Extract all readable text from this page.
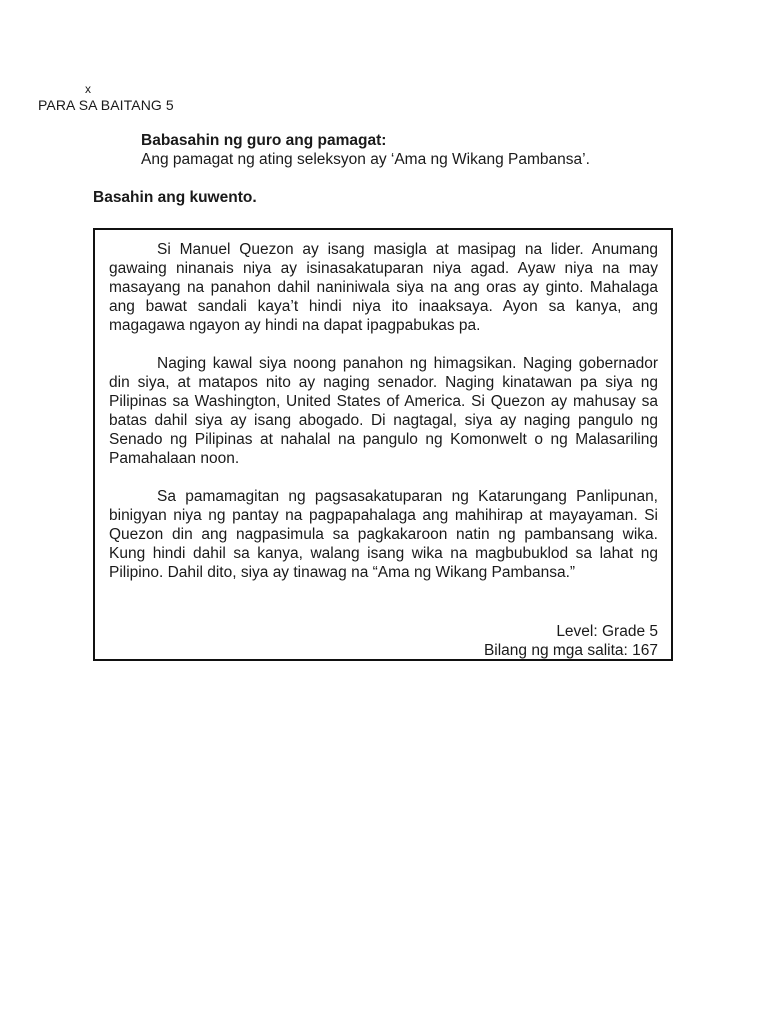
x
PARA SA BAITANG 5
Babasahin ng guro ang pamagat:
Ang pamagat ng ating seleksyon ay ‘Ama ng Wikang Pambansa’.
Basahin ang kuwento.

Si Manuel Quezon ay isang masigla at masipag na lider. Anumang gawaing ninanais niya ay isinasakatuparan niya agad. Ayaw niya na may masayang na panahon dahil naniniwala siya na ang oras ay ginto. Mahalaga ang bawat sandali kaya’t hindi niya ito inaaksaya. Ayon sa kanya, ang magagawa ngayon ay hindi na dapat ipagpabukas pa.

Naging kawal siya noong panahon ng himagsikan. Naging gobernador din siya, at matapos nito ay naging senador. Naging kinatawan pa siya ng Pilipinas sa Washington, United States of America. Si Quezon ay mahusay sa batas dahil siya ay isang abogado. Di nagtagal, siya ay naging pangulo ng Senado ng Pilipinas at nahalal na pangulo ng Komonwelt o ng Malasariling Pamahalaan noon.

Sa pamamagitan ng pagsasakatuparan ng Katarungang Panlipunan, binigyan niya ng pantay na pagpapahalaga ang mahihirap at mayayaman. Si Quezon din ang nagpasimula sa pagkakaroon natin ng pambansang wika. Kung hindi dahil sa kanya, walang isang wika na magbubuklod sa lahat ng Pilipino. Dahil dito, siya ay tinawag na “Ama ng Wikang Pambansa.”

Level: Grade 5
Bilang ng mga salita: 167
